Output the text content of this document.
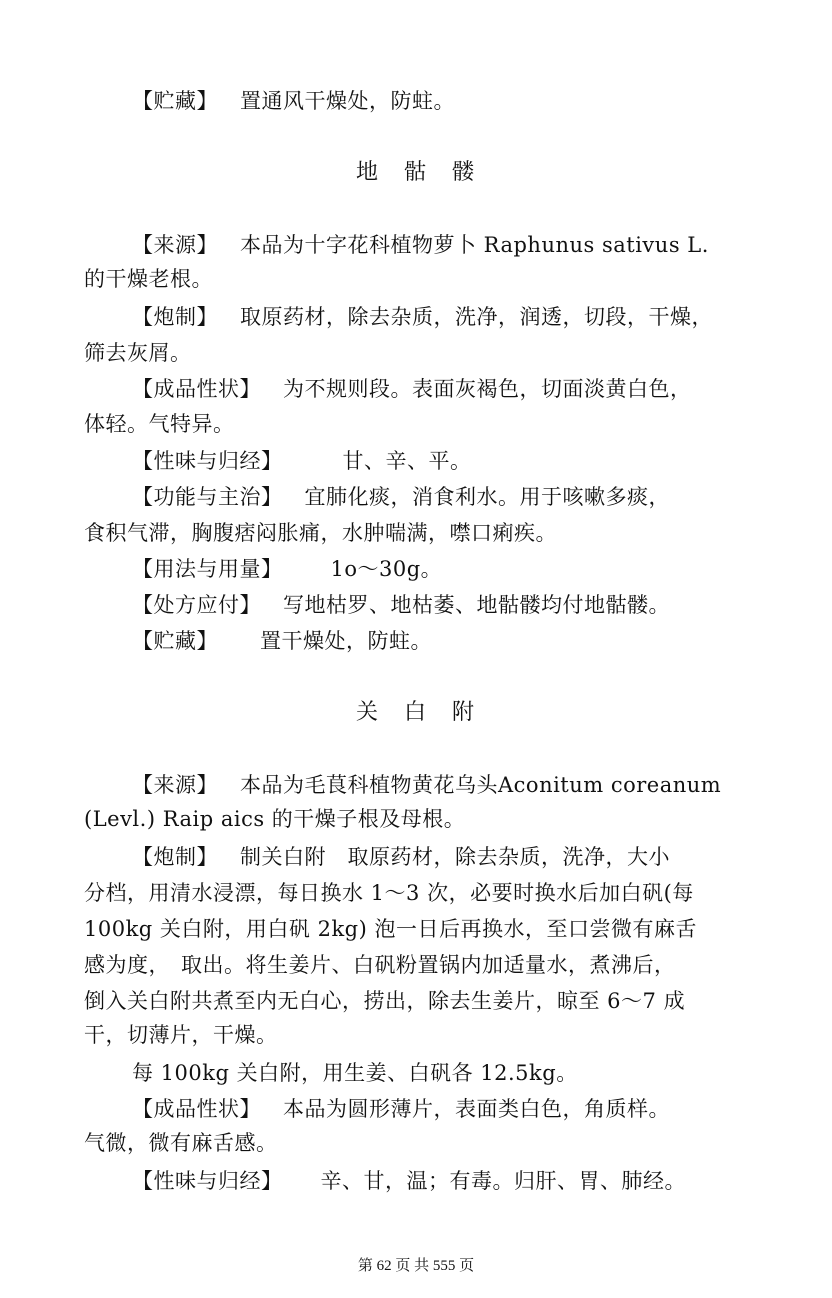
【贮藏】 置通风干燥处，防蛀。
地　骷　髅
【来源】 本品为十字花科植物萝卜 Raphunus sativus L.
的干燥老根。
【炮制】 取原药材，除去杂质，洗净，润透，切段，干燥，
筛去灰屑。
【成品性状】 为不规则段。表面灰褐色，切面淡黄白色，
体轻。气特异。
【性味与归经】	甘、辛、平。
【功能与主治】 宜肺化痰，消食利水。用于咳嗽多痰，
食积气滞，胸腹痞闷胀痛，水肿喘满，噤口痢疾。
【用法与用量】 1o～30g。
【处方应付】 写地枯罗、地枯萎、地骷髅均付地骷髅。
【贮藏】 置干燥处，防蛀。
关　白　附
【来源】 本品为毛茛科植物黄花乌头Aconitum coreanum
(Levl.) Raip aics 的干燥子根及母根。
【炮制】 制关白附　取原药材，除去杂质，洗净，大小
分档，用清水浸漂，每日换水 1～3 次，必要时换水后加白矾(每
100kg 关白附，用白矾 2kg) 泡一日后再换水，至口尝微有麻舌
感为度，　取出。将生姜片、白矾粉置锅内加适量水，煮沸后，
倒入关白附共煮至内无白心，捞出，除去生姜片，晾至 6～7 成
干，切薄片，干燥。
每 100kg 关白附，用生姜、白矾各 12.5kg。
【成品性状】 本品为圆形薄片，表面类白色，角质样。
气微，微有麻舌感。
【性味与归经】 辛、甘，温；有毒。归肝、胃、肺经。
第 62 页 共 555 页
